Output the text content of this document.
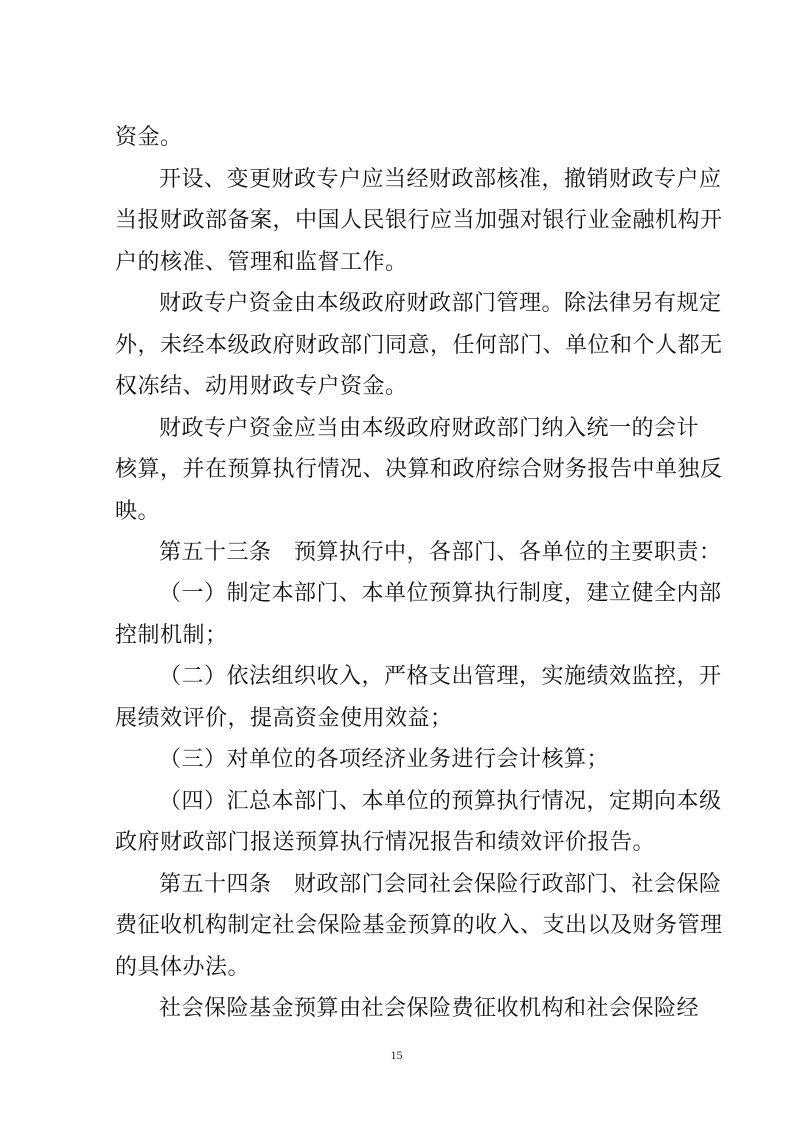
资金。
开设、变更财政专户应当经财政部核准，撤销财政专户应
当报财政部备案，中国人民银行应当加强对银行业金融机构开
户的核准、管理和监督工作。
财政专户资金由本级政府财政部门管理。除法律另有规定
外，未经本级政府财政部门同意，任何部门、单位和个人都无
权冻结、动用财政专户资金。
财政专户资金应当由本级政府财政部门纳入统一的会计
核算，并在预算执行情况、决算和政府综合财务报告中单独反
映。
第五十三条　预算执行中，各部门、各单位的主要职责：
（一）制定本部门、本单位预算执行制度，建立健全内部
控制机制；
（二）依法组织收入，严格支出管理，实施绩效监控，开
展绩效评价，提高资金使用效益；
（三）对单位的各项经济业务进行会计核算；
（四）汇总本部门、本单位的预算执行情况，定期向本级
政府财政部门报送预算执行情况报告和绩效评价报告。
第五十四条　财政部门会同社会保险行政部门、社会保险
费征收机构制定社会保险基金预算的收入、支出以及财务管理
的具体办法。
社会保险基金预算由社会保险费征收机构和社会保险经
15
